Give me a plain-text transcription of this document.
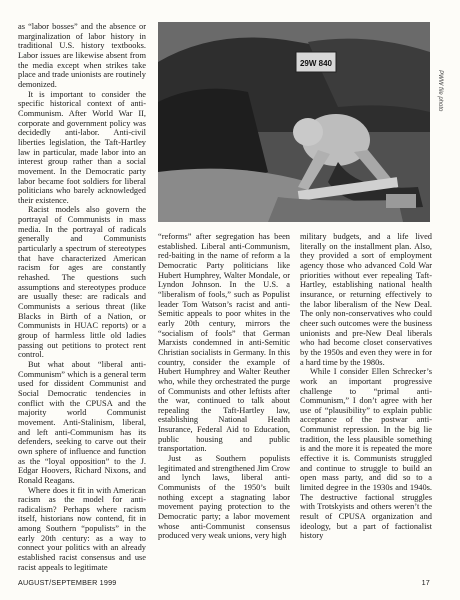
as “labor bosses” and the absence or marginalization of labor history in traditional U.S. history textbooks. Labor issues are likewise absent from the media except when strikes take place and trade unionists are routinely demonized.

It is important to consider the specific historical context of anti-Communism. After World War II, corporate and government policy was decidedly anti-labor. Anti-civil liberties legislation, the Taft-Hartley law in particular, made labor into an interest group rather than a social movement. In the Democratic party labor became foot soldiers for liberal politicians who barely acknowledged their existence.

Racist models also govern the portrayal of Communists in mass media. In the portrayal of radicals generally and Communists particularly a spectrum of stereotypes that have characterized American racism for ages are constantly rehashed. The questions such assumptions and stereotypes produce are usually these: are radicals and Communists a serious threat (like Blacks in Birth of a Nation, or Communists in HUAC reports) or a group of harmless little old ladies passing out petitions to protect rent control.

But what about “liberal anti-Communism” which is a general term used for dissident Communist and Social Democratic tendencies in conflict with the CPUSA and the majority world Communist movement. Anti-Stalinism, liberal, and left anti-Communism has its defenders, seeking to carve out their own sphere of influence and function as the “loyal opposition” to the J. Edgar Hoovers, Richard Nixons, and Ronald Reagans.

Where does it fit in with American racism as the model for anti-radicalism? Perhaps where racism itself, historians now contend, fit in among Southern “populists” in the early 20th century: as a way to connect your politics with an already established racist consensus and use racist appeals to legitimate

29W 840
PWW file photo

“reforms” after segregation has been established. Liberal anti-Communism, red-baiting in the name of reform a la Democratic Party politicians like Hubert Humphrey, Walter Mondale, or Lyndon Johnson. In the U.S. a “liberalism of fools,” such as Populist leader Tom Watson’s racist and anti-Semitic appeals to poor whites in the early 20th century, mirrors the “socialism of fools” that German Marxists condemned in anti-Semitic Christian socialists in Germany. In this country, consider the example of Hubert Humphrey and Walter Reuther who, while they orchestrated the purge of Communists and other leftists after the war, continued to talk about repealing the Taft-Hartley law, establishing National Health Insurance, Federal Aid to Education, public housing and public transportation.

Just as Southern populists legitimated and strengthened Jim Crow and lynch laws, liberal anti-Communists of the 1950’s built nothing except a stagnating labor movement paying protection to the Democratic party; a labor movement whose anti-Communist consensus produced very weak unions, very high

military budgets, and a life lived literally on the installment plan. Also, they provided a sort of employment agency those who advanced Cold War priorities without ever repealing Taft-Hartley, establishing national health insurance, or returning effectively to the labor liberalism of the New Deal. The only non-conservatives who could cheer such outcomes were the business unionists and pre-New Deal liberals who had become closet conservatives by the 1950s and even they were in for a hard time by the 1980s.

While I consider Ellen Schrecker’s work an important progressive challenge to “primal anti-Communism,” I don’t agree with her use of “plausibility” to explain public acceptance of the postwar anti-Communist repression. In the big lie tradition, the less plausible something is and the more it is repeated the more effective it is. Communists struggled and continue to struggle to build an open mass party, and did so to a limited degree in the 1930s and 1940s. The destructive factional struggles with Trotskyists and others weren’t the result of CPUSA organization and ideology, but a part of factionalist history

AUGUST/SEPTEMBER 1999	17
